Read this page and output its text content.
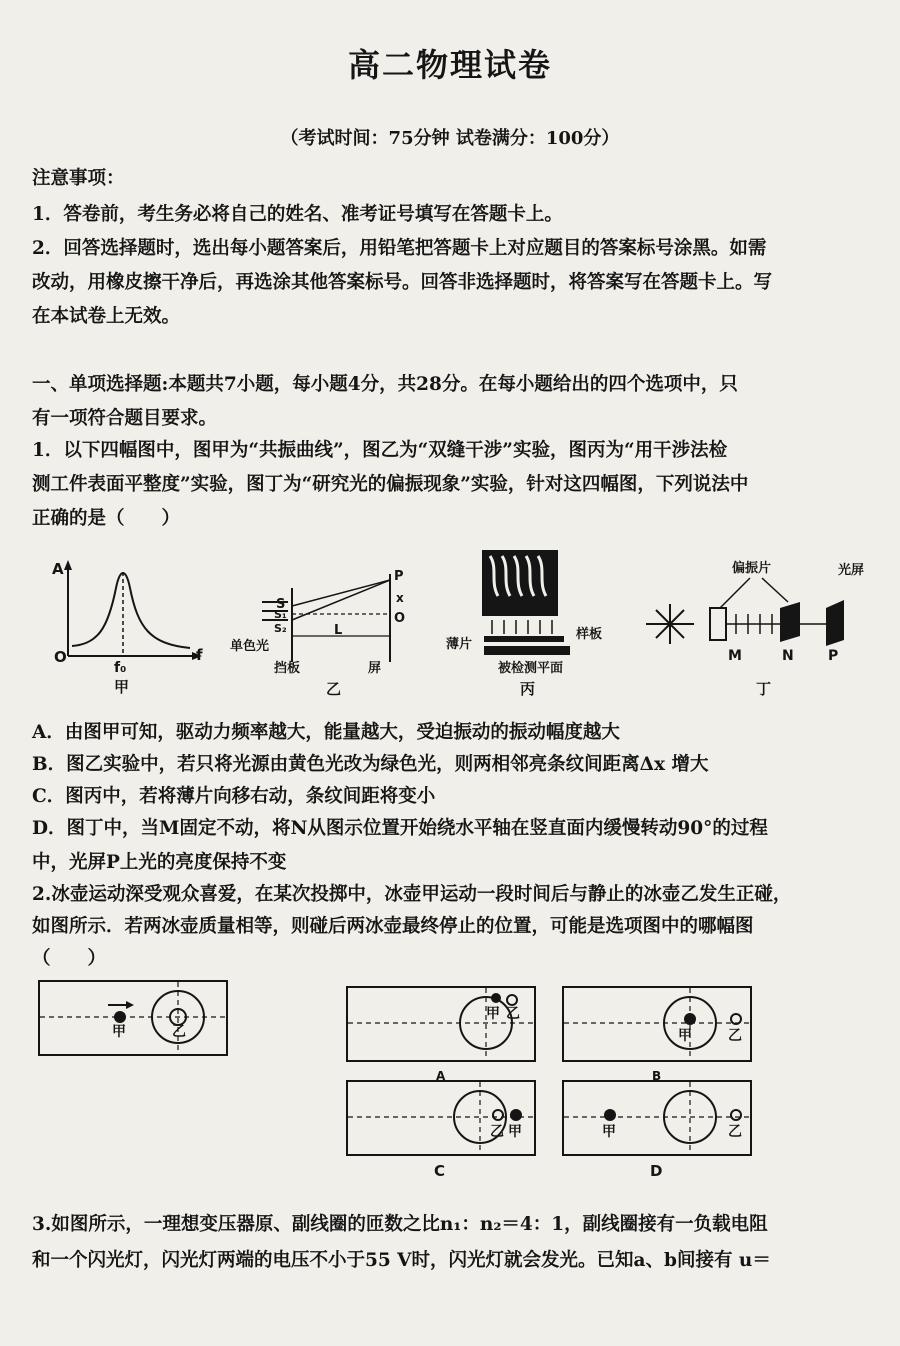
高二物理试卷
（考试时间：75分钟 试卷满分：100分）
注意事项：
1．答卷前，考生务必将自己的姓名、准考证号填写在答题卡上。
2．回答选择题时，选出每小题答案后，用铅笔把答题卡上对应题目的答案标号涂黑。如需
改动，用橡皮擦干净后，再选涂其他答案标号。回答非选择题时，将答案写在答题卡上。写
在本试卷上无效。
一、单项选择题:本题共7小题，每小题4分，共28分。在每小题给出的四个选项中，只
有一项符合题目要求。
1．以下四幅图中，图甲为“共振曲线”，图乙为“双缝干涉”实验，图丙为“用干涉法检
测工件表面平整度”实验，图丁为“研究光的偏振现象”实验，针对这四幅图，下列说法中
正确的是（　　）
A
f
O
f₀
甲
S
S₁
S₂
P
x
O
L
单色光
挡板	屏
乙
薄片
样板
被检测平面
丙
偏振片	光屏
M	N P
丁
A．由图甲可知，驱动力频率越大，能量越大，受迫振动的振动幅度越大
B．图乙实验中，若只将光源由黄色光改为绿色光，则两相邻亮条纹间距离Δx 增大
C．图丙中，若将薄片向移右动，条纹间距将变小
D．图丁中，当M固定不动，将N从图示位置开始绕水平轴在竖直面内缓慢转动90°的过程
中，光屏P上光的亮度保持不变
2.冰壶运动深受观众喜爱，在某次投掷中，冰壶甲运动一段时间后与静止的冰壶乙发生正碰，
如图所示．若两冰壶质量相等，则碰后两冰壶最终停止的位置，可能是选项图中的哪幅图
（　　）
甲	乙
甲 乙
A
甲	乙
B
乙 甲
C
甲	乙
D
3.如图所示，一理想变压器原、副线圈的匝数之比n₁：n₂＝4：1，副线圈接有一负载电阻
和一个闪光灯，闪光灯两端的电压不小于55 V时，闪光灯就会发光。已知a、b间接有 u＝
